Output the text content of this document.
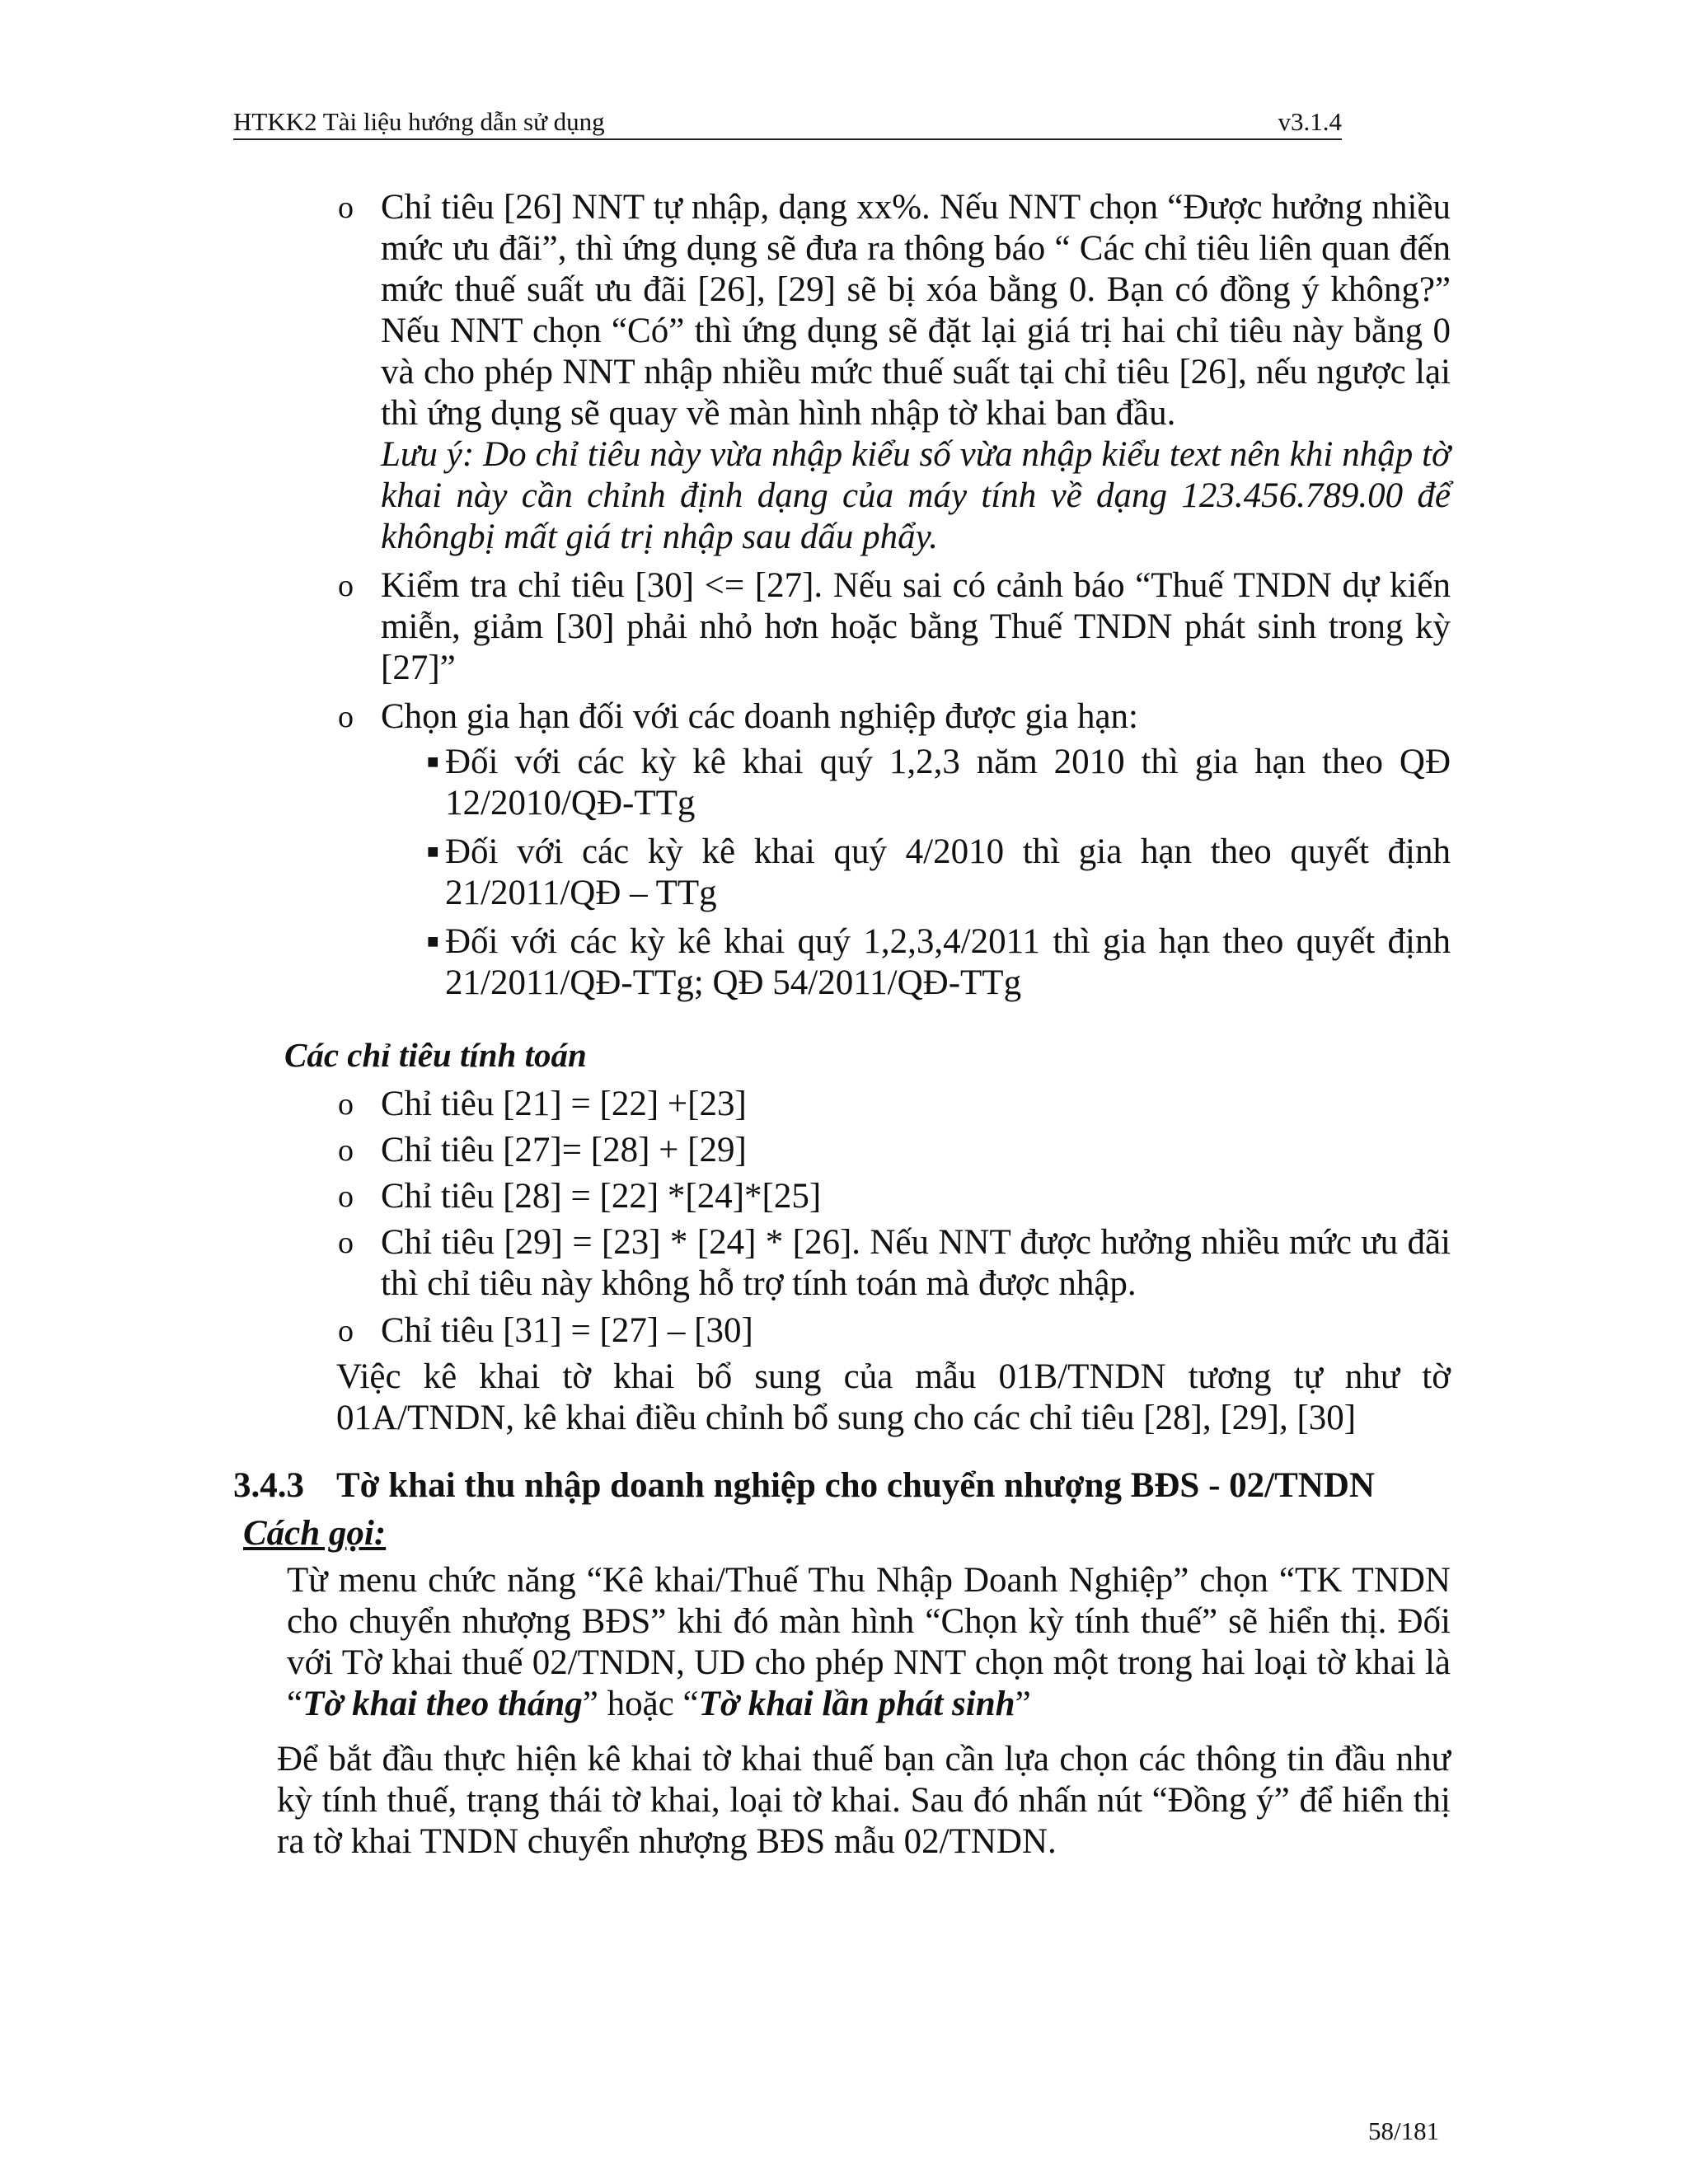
HTKK2 Tài liệu hướng dẫn sử dụng	v3.1.4
o Chỉ tiêu [26] NNT tự nhập, dạng xx%. Nếu NNT chọn “Được hưởng nhiều mức ưu đãi”, thì ứng dụng sẽ đưa ra thông báo “ Các chỉ tiêu liên quan đến mức thuế suất ưu đãi [26], [29] sẽ bị xóa bằng 0. Bạn có đồng ý không?” Nếu NNT chọn “Có” thì ứng dụng sẽ đặt lại giá trị hai chỉ tiêu này bằng 0 và cho phép NNT nhập nhiều mức thuế suất tại chỉ tiêu [26], nếu ngược lại thì ứng dụng sẽ quay về màn hình nhập tờ khai ban đầu.

Lưu ý: Do chỉ tiêu này vừa nhập kiểu số vừa nhập kiểu text nên khi nhập tờ khai này cần chỉnh định dạng của máy tính về dạng 123.456.789.00 để khôngbị mất giá trị nhập sau dấu phẩy.

o Kiểm tra chỉ tiêu [30] <= [27]. Nếu sai có cảnh báo “Thuế TNDN dự kiến miễn, giảm [30] phải nhỏ hơn hoặc bằng Thuế TNDN phát sinh trong kỳ [27]”
o Chọn gia hạn đối với các doanh nghiệp được gia hạn:
■ Đối với các kỳ kê khai quý 1,2,3 năm 2010 thì gia hạn theo QĐ 12/2010/QĐ-TTg
■ Đối với các kỳ kê khai quý 4/2010 thì gia hạn theo quyết định 21/2011/QĐ – TTg
■ Đối với các kỳ kê khai quý 1,2,3,4/2011 thì gia hạn theo quyết định 21/2011/QĐ-TTg; QĐ 54/2011/QĐ-TTg
Các chỉ tiêu tính toán
o Chỉ tiêu [21] = [22] +[23]
o Chỉ tiêu [27]= [28] + [29]
o Chỉ tiêu [28] = [22] *[24]*[25]
o Chỉ tiêu [29] = [23] * [24] * [26]. Nếu NNT được hưởng nhiều mức ưu đãi thì chỉ tiêu này không hỗ trợ tính toán mà được nhập.
o Chỉ tiêu [31] = [27] – [30]
Việc kê khai tờ khai bổ sung của mẫu 01B/TNDN tương tự như tờ 01A/TNDN, kê khai điều chỉnh bổ sung cho các chỉ tiêu [28], [29], [30]
3.4.3 Tờ khai thu nhập doanh nghiệp cho chuyển nhượng BĐS - 02/TNDN
Cách gọi:
Từ menu chức năng “Kê khai/Thuế Thu Nhập Doanh Nghiệp” chọn “TK TNDN cho chuyển nhượng BĐS” khi đó màn hình “Chọn kỳ tính thuế” sẽ hiển thị. Đối với Tờ khai thuế 02/TNDN, UD cho phép NNT chọn một trong hai loại tờ khai là “Tờ khai theo tháng” hoặc “Tờ khai lần phát sinh”
Để bắt đầu thực hiện kê khai tờ khai thuế bạn cần lựa chọn các thông tin đầu như kỳ tính thuế, trạng thái tờ khai, loại tờ khai. Sau đó nhấn nút “Đồng ý” để hiển thị ra tờ khai TNDN chuyển nhượng BĐS mẫu 02/TNDN.
58/181
